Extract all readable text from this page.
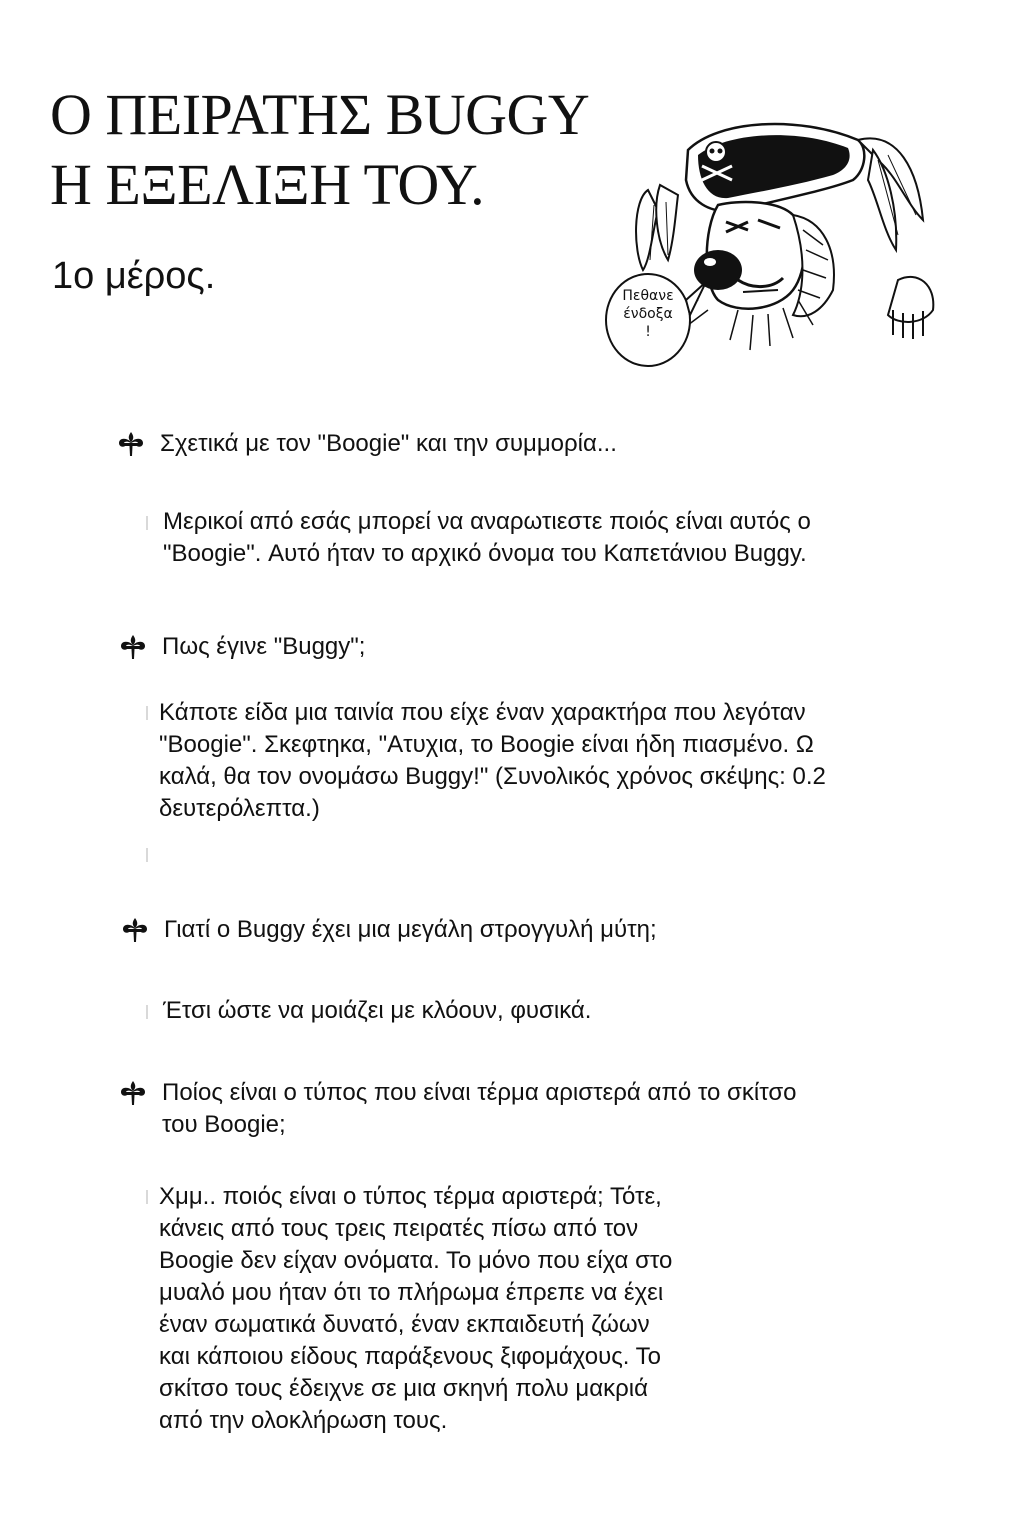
Ο ΠΕΙΡΑΤΗΣ BUGGY
Η ΕΞΕΛΙΞΗ ΤΟΥ.
1ο μέρος.	Πεθανε
ένδοξα
!
Σχετικά με τον "Boogie" και την συμμορία...
Μερικοί από εσάς μπορεί να αναρωτιεστε ποιός είναι αυτός ο
"Boogie". Αυτό ήταν το αρχικό όνομα του Καπετάνιου Buggy.
Πως έγινε "Buggy";
Κάποτε είδα μια ταινία που είχε έναν χαρακτήρα που λεγόταν
"Boogie". Σκεφτηκα, "Ατυχια, το Boogie είναι ήδη πιασμένο. Ω
καλά, θα τον ονομάσω Buggy!" (Συνολικός χρόνος σκέψης: 0.2
δευτερόλεπτα.)
Γιατί ο Buggy έχει μια μεγάλη στρογγυλή μύτη;
Έτσι ώστε να μοιάζει με κλόουν, φυσικά.
Ποίος είναι ο τύπος που είναι τέρμα αριστερά από το σκίτσο
του Boogie;
Χμμ.. ποιός είναι ο τύπος τέρμα αριστερά; Τότε,
κάνεις από τους τρεις πειρατές πίσω από τον
Boogie δεν είχαν ονόματα. Το μόνο που είχα στο
μυαλό μου ήταν ότι το πλήρωμα έπρεπε να έχει
έναν σωματικά δυνατό, έναν εκπαιδευτή ζώων
και κάποιου είδους παράξενους ξιφομάχους. Το
σκίτσο τους έδειχνε σε μια σκηνή πολυ μακριά
από την ολοκλήρωση τους.
